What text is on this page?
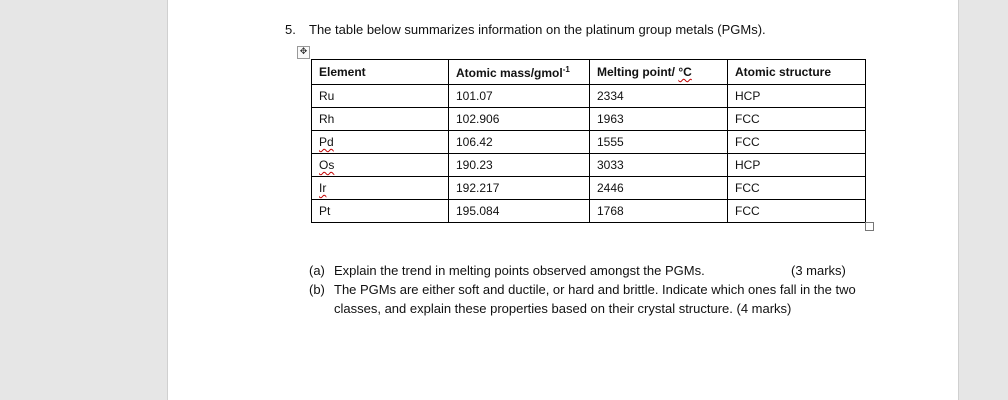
5. The table below summarizes information on the platinum group metals (PGMs).
✥
Element	Atomic mass/gmol$^{-1}$	Melting point/ °C	Atomic structure
Ru	101.07	2334	HCP
Rh	102.906	1963	FCC
Pd	106.42	1555	FCC
Os	190.23	3033	HCP
Ir	192.217	2446	FCC
Pt	195.084	1768	FCC
(a) Explain the trend in melting points observed amongst the PGMs.	(3 marks)
(b) The PGMs are either soft and ductile, or hard and brittle. Indicate which ones fall in the two classes, and explain these properties based on their crystal structure. (4 marks)
